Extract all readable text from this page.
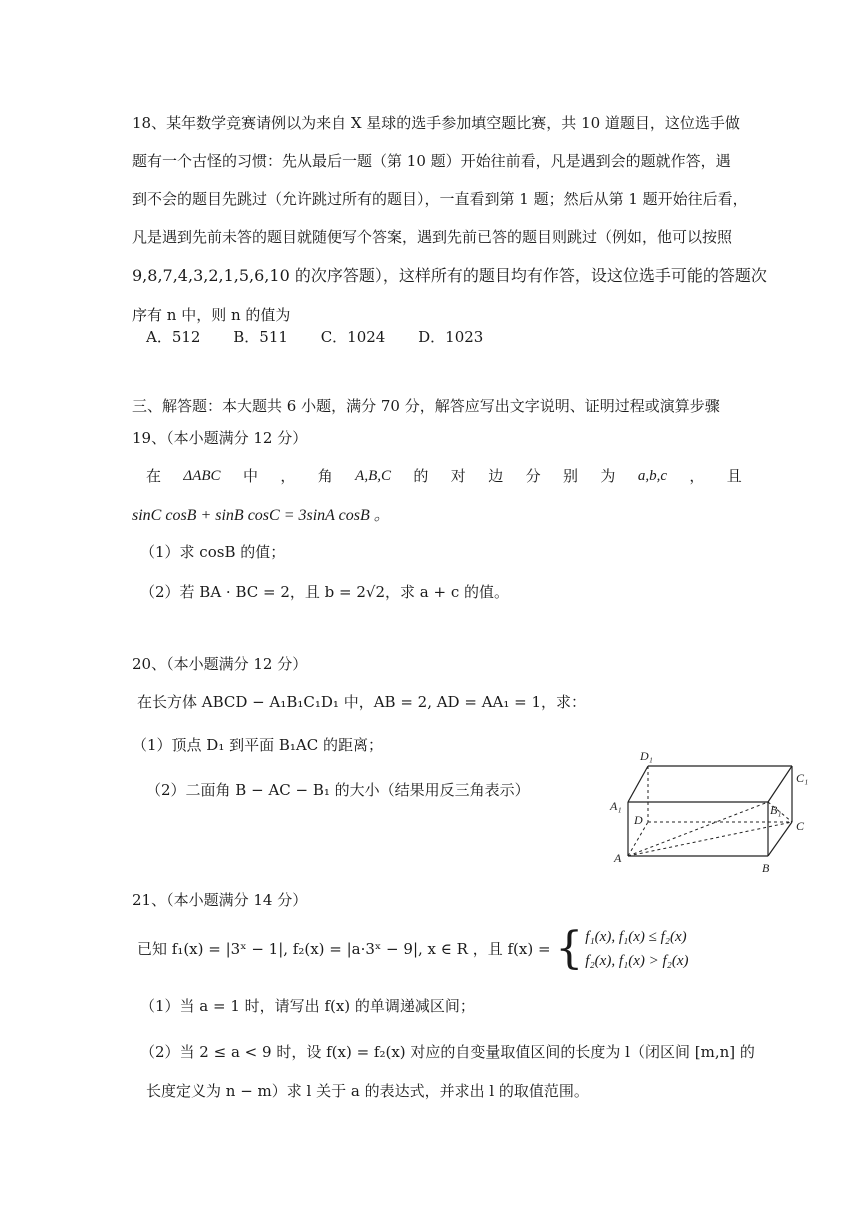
18、某年数学竞赛请例以为来自 X 星球的选手参加填空题比赛，共 10 道题目，这位选手做
题有一个古怪的习惯：先从最后一题（第 10 题）开始往前看，凡是遇到会的题就作答，遇
到不会的题目先跳过（允许跳过所有的题目），一直看到第 1 题；然后从第 1 题开始往后看，
凡是遇到先前未答的题目就随便写个答案，遇到先前已答的题目则跳过（例如，他可以按照
9,8,7,4,3,2,1,5,6,10 的次序答题），这样所有的题目均有作答，设这位选手可能的答题次
序有 n 中，则 n 的值为
A．512 B．511 C．1024 D．1023
三、解答题：本大题共 6 小题，满分 70 分，解答应写出文字说明、证明过程或演算步骤
19、（本小题满分 12 分）
在 ΔABC 中 ， 角 A,B,C 的 对 边 分 别 为 a,b,c ， 且
sinC cosB + sinB cosC = 3sinA cosB 。
（1）求 cosB 的值；
（2）若 BA · BC = 2，且 b = 2√2，求 a + c 的值。
20、（本小题满分 12 分）
在长方体 ABCD − A₁B₁C₁D₁ 中，AB = 2, AD = AA₁ = 1，求：
（1）顶点 D₁ 到平面 B₁AC 的距离；
（2）二面角 B − AC − B₁ 的大小（结果用反三角表示）
D₁
C₁
A₁	B₁
D	C
A
B
21、（本小题满分 14 分）
已知 f₁(x) = |3ˣ − 1|, f₂(x) = |a·3ˣ − 9|, x ∈ R ，且 f(x) = { f₁(x), f₁(x) ≤ f₂(x)
f₂(x), f₁(x) > f₂(x)
（1）当 a = 1 时，请写出 f(x) 的单调递减区间；
（2）当 2 ≤ a < 9 时，设 f(x) = f₂(x) 对应的自变量取值区间的长度为 l（闭区间 [m,n] 的
长度定义为 n − m）求 l 关于 a 的表达式，并求出 l 的取值范围。
